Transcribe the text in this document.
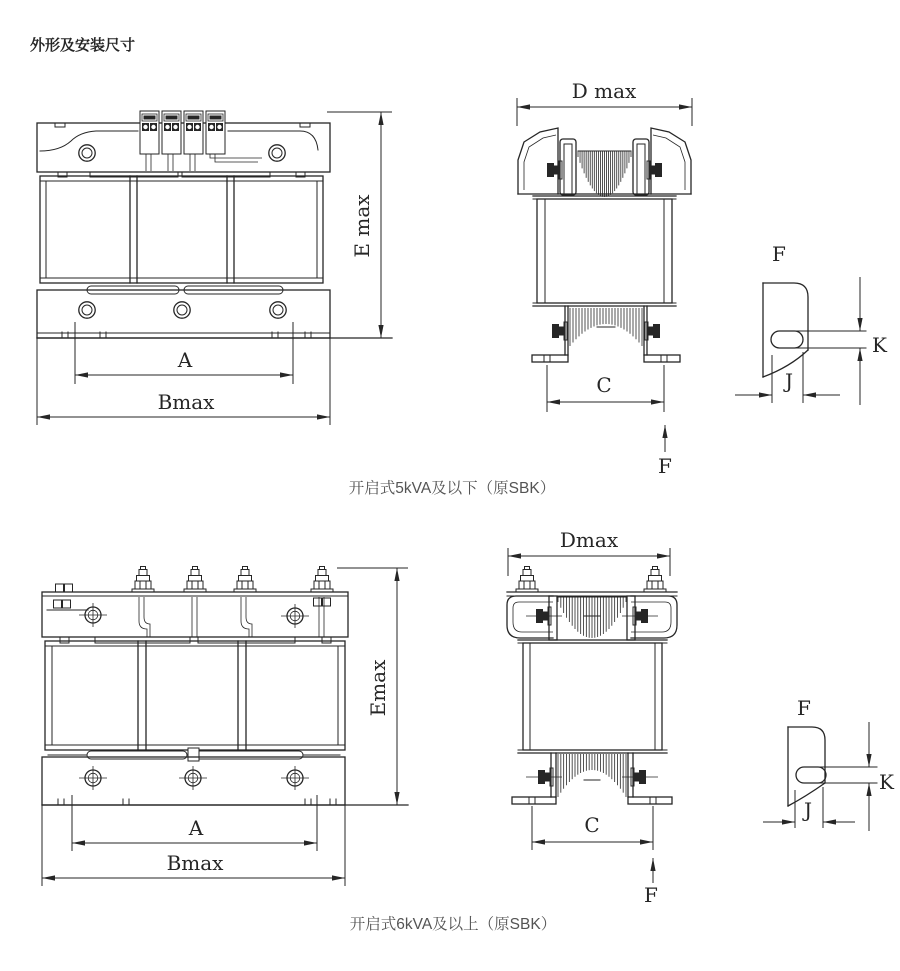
外形及安装尺寸
E max
A
Bmax
D max
C
F
F
K
J
开启式5kVA及以下（原SBK）
Emax
A
Bmax
Dmax
C
F
F
K
J
开启式6kVA及以上（原SBK）
